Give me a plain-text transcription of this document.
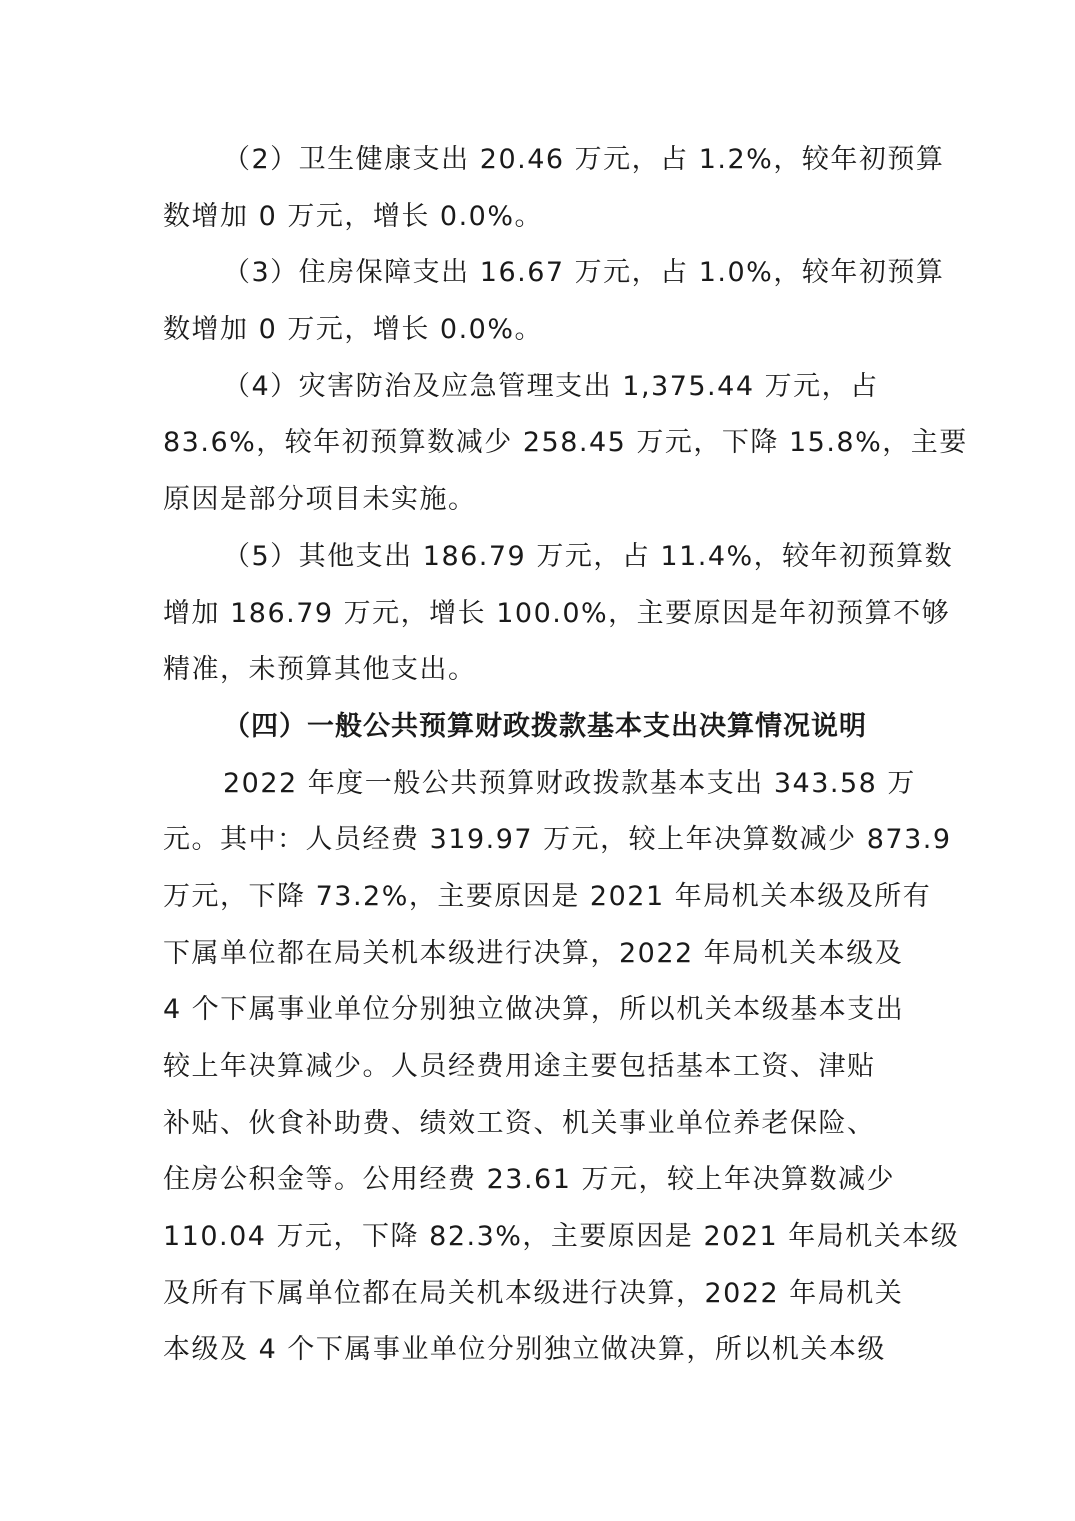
（2）卫生健康支出 20.46 万元，占 1.2%，较年初预算
数增加 0 万元，增长 0.0%。
（3）住房保障支出 16.67 万元，占 1.0%，较年初预算
数增加 0 万元，增长 0.0%。
（4）灾害防治及应急管理支出 1,375.44 万元，占
83.6%，较年初预算数减少 258.45 万元，下降 15.8%，主要
原因是部分项目未实施。
（5）其他支出 186.79 万元，占 11.4%，较年初预算数
增加 186.79 万元，增长 100.0%，主要原因是年初预算不够
精准，未预算其他支出。
（四）一般公共预算财政拨款基本支出决算情况说明
2022 年度一般公共预算财政拨款基本支出 343.58 万
元。其中：人员经费 319.97 万元，较上年决算数减少 873.9
万元，下降 73.2%，主要原因是 2021 年局机关本级及所有
下属单位都在局关机本级进行决算，2022 年局机关本级及
4 个下属事业单位分别独立做决算，所以机关本级基本支出
较上年决算减少。人员经费用途主要包括基本工资、津贴
补贴、伙食补助费、绩效工资、机关事业单位养老保险、
住房公积金等。公用经费 23.61 万元，较上年决算数减少
110.04 万元，下降 82.3%，主要原因是 2021 年局机关本级
及所有下属单位都在局关机本级进行决算，2022 年局机关
本级及 4 个下属事业单位分别独立做决算，所以机关本级
